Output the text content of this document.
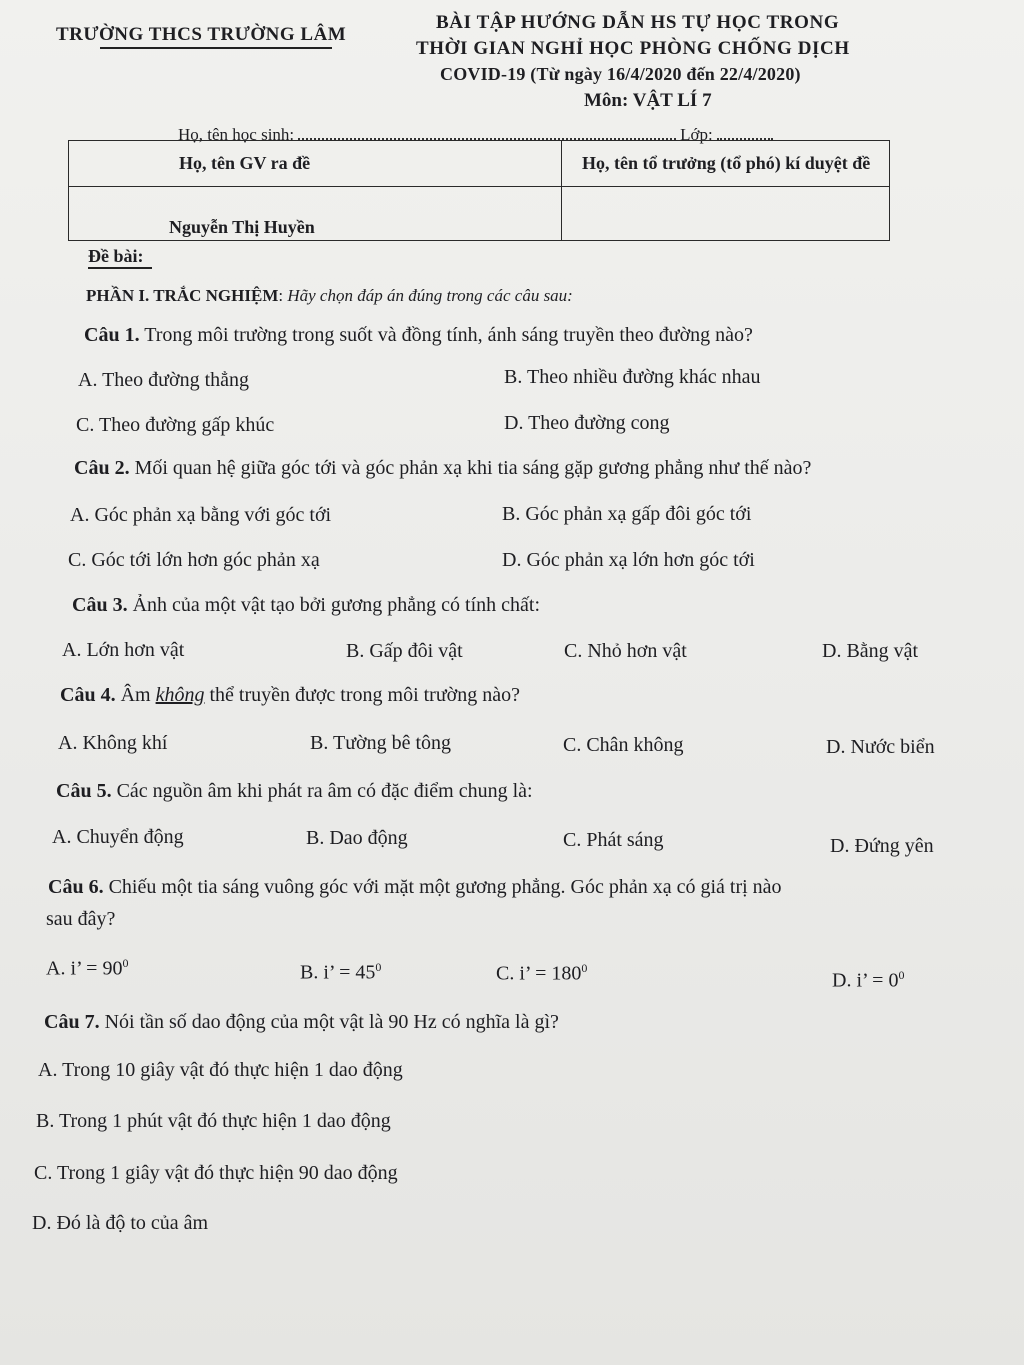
TRƯỜNG THCS TRƯỜNG LÂM
BÀI TẬP HƯỚNG DẪN HS TỰ HỌC TRONG
THỜI GIAN NGHỈ HỌC PHÒNG CHỐNG DỊCH
COVID-19 (Từ ngày 16/4/2020 đến 22/4/2020)
Môn: VẬT LÍ 7
Họ, tên học sinh:	Lớp:
Họ, tên GV ra đề	Họ, tên tổ trưởng (tổ phó) kí duyệt đề
Nguyễn Thị Huyền	
Đề bài:
PHẦN I. TRẮC NGHIỆM: Hãy chọn đáp án đúng trong các câu sau:
Câu 1. Trong môi trường trong suốt và đồng tính, ánh sáng truyền theo đường nào?
A. Theo đường thẳng	B. Theo nhiều đường khác nhau
C. Theo đường gấp khúc	D. Theo đường cong
Câu 2. Mối quan hệ giữa góc tới và góc phản xạ khi tia sáng gặp gương phẳng như thế nào?
A. Góc phản xạ bằng với góc tới	B. Góc phản xạ gấp đôi góc tới
C. Góc tới lớn hơn góc phản xạ	D. Góc phản xạ lớn hơn góc tới
Câu 3. Ảnh của một vật tạo bởi gương phẳng có tính chất:
A. Lớn hơn vật	B. Gấp đôi vật	C. Nhỏ hơn vật	D. Bằng vật
Câu 4. Âm không thể truyền được trong môi trường nào?
A. Không khí	B. Tường bê tông	C. Chân không	D. Nước biển
Câu 5. Các nguồn âm khi phát ra âm có đặc điểm chung là:
A. Chuyển động	B. Dao động	C. Phát sáng	D. Đứng yên
Câu 6. Chiếu một tia sáng vuông góc với mặt một gương phẳng. Góc phản xạ có giá trị nào
sau đây?
A. i’ = $90^0$	B. i’ = $45^0$	C. i’ = $180^0$
D. i’ = $0^0$
Câu 7. Nói tần số dao động của một vật là 90 Hz có nghĩa là gì?
A. Trong 10 giây vật đó thực hiện 1 dao động
B. Trong 1 phút vật đó thực hiện 1 dao động
C. Trong 1 giây vật đó thực hiện 90 dao động
D. Đó là độ to của âm
